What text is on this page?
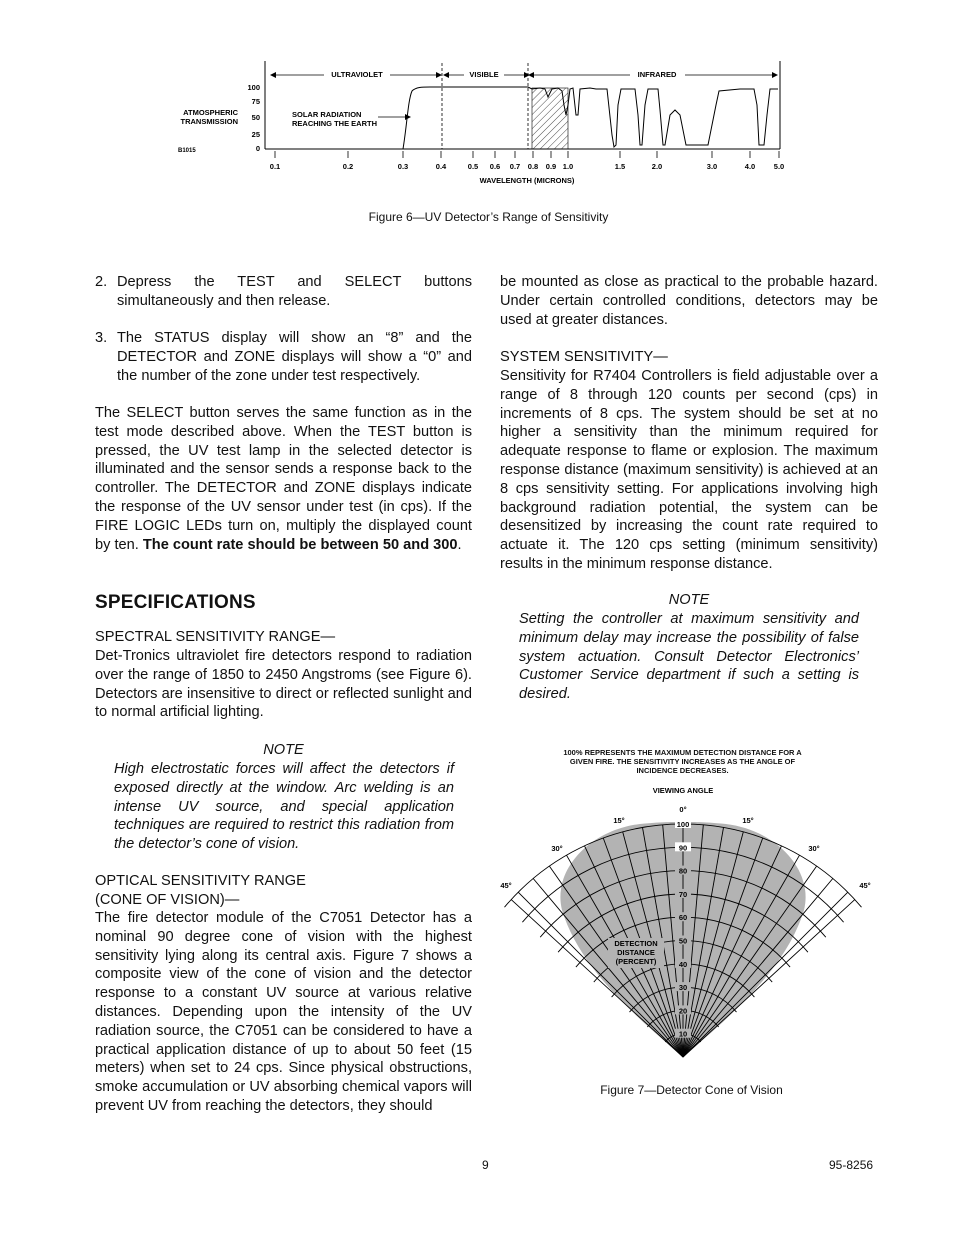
ATMOSPHERIC
TRANSMISSION
B1015
100
75
50
25
0
ULTRAVIOLET	VISIBLE	INFRARED
SOLAR RADIATION
REACHING THE EARTH
0.1	0.2	0.3	0.4	0.5 0.6 0.7 0.8 0.9 1.0	1.5	2.0	3.0	4.0 5.0
WAVELENGTH (MICRONS)
Figure 6—UV Detector’s Range of Sensitivity
2. Depress the TEST and SELECT buttons simultaneously and then release.
3. The STATUS display will show an “8” and the DETECTOR and ZONE displays will show a “0” and the number of the zone under test respectively.
The SELECT button serves the same function as in the test mode described above. When the TEST button is pressed, the UV test lamp in the selected detector is illuminated and the sensor sends a response back to the controller. The DETECTOR and ZONE displays indicate the response of the UV sensor under test (in cps). If the FIRE LOGIC LEDs turn on, multiply the displayed count by ten. The count rate should be between 50 and 300.
SPECIFICATIONS
SPECTRAL SENSITIVITY RANGE—
Det-Tronics ultraviolet fire detectors respond to radiation over the range of 1850 to 2450 Angstroms (see Figure 6). Detectors are insensitive to direct or reflected sunlight and to normal artificial lighting.
NOTE
High electrostatic forces will affect the detectors if exposed directly at the window. Arc welding is an intense UV source, and special application techniques are required to restrict this radiation from the detector’s cone of vision.
OPTICAL SENSITIVITY RANGE
(CONE OF VISION)—
The fire detector module of the C7051 Detector has a nominal 90 degree cone of vision with the highest sensitivity lying along its central axis. Figure 7 shows a composite view of the cone of vision and the detector response to a constant UV source at various relative distances. Depending upon the intensity of the UV radiation source, the C7051 can be considered to have a practical application distance of up to about 50 feet (15 meters) when set to 24 cps. Since physical obstructions, smoke accumulation or UV absorbing chemical vapors will prevent UV from reaching the detectors, they should
be mounted as close as practical to the probable hazard. Under certain controlled conditions, detectors may be used at greater distances.
SYSTEM SENSITIVITY—
Sensitivity for R7404 Controllers is field adjustable over a range of 8 through 120 counts per second (cps) in increments of 8 cps. The system should be set at no higher a sensitivity than the minimum required for adequate response to flame or explosion. The maximum response distance (maximum sensitivity) is achieved at an 8 cps sensitivity setting. For applications involving high background radiation potential, the system can be desensitized by increasing the count rate required to actuate it. The 120 cps setting (minimum sensitivity) results in the minimum response distance.
NOTE
Setting the controller at maximum sensitivity and minimum delay may increase the possibility of false system actuation. Consult Detector Electronics’ Customer Service department if such a setting is desired.
100% REPRESENTS THE MAXIMUM DETECTION DISTANCE FOR A
GIVEN FIRE. THE SENSITIVITY INCREASES AS THE ANGLE OF
INCIDENCE DECREASES.
VIEWING ANGLE
0°
15°	15°
30°	30°
45°	45°
100
90
80
70
60
50
40
30
20
10
DETECTION
DISTANCE
(PERCENT)
Figure 7—Detector Cone of Vision
9	95-8256
